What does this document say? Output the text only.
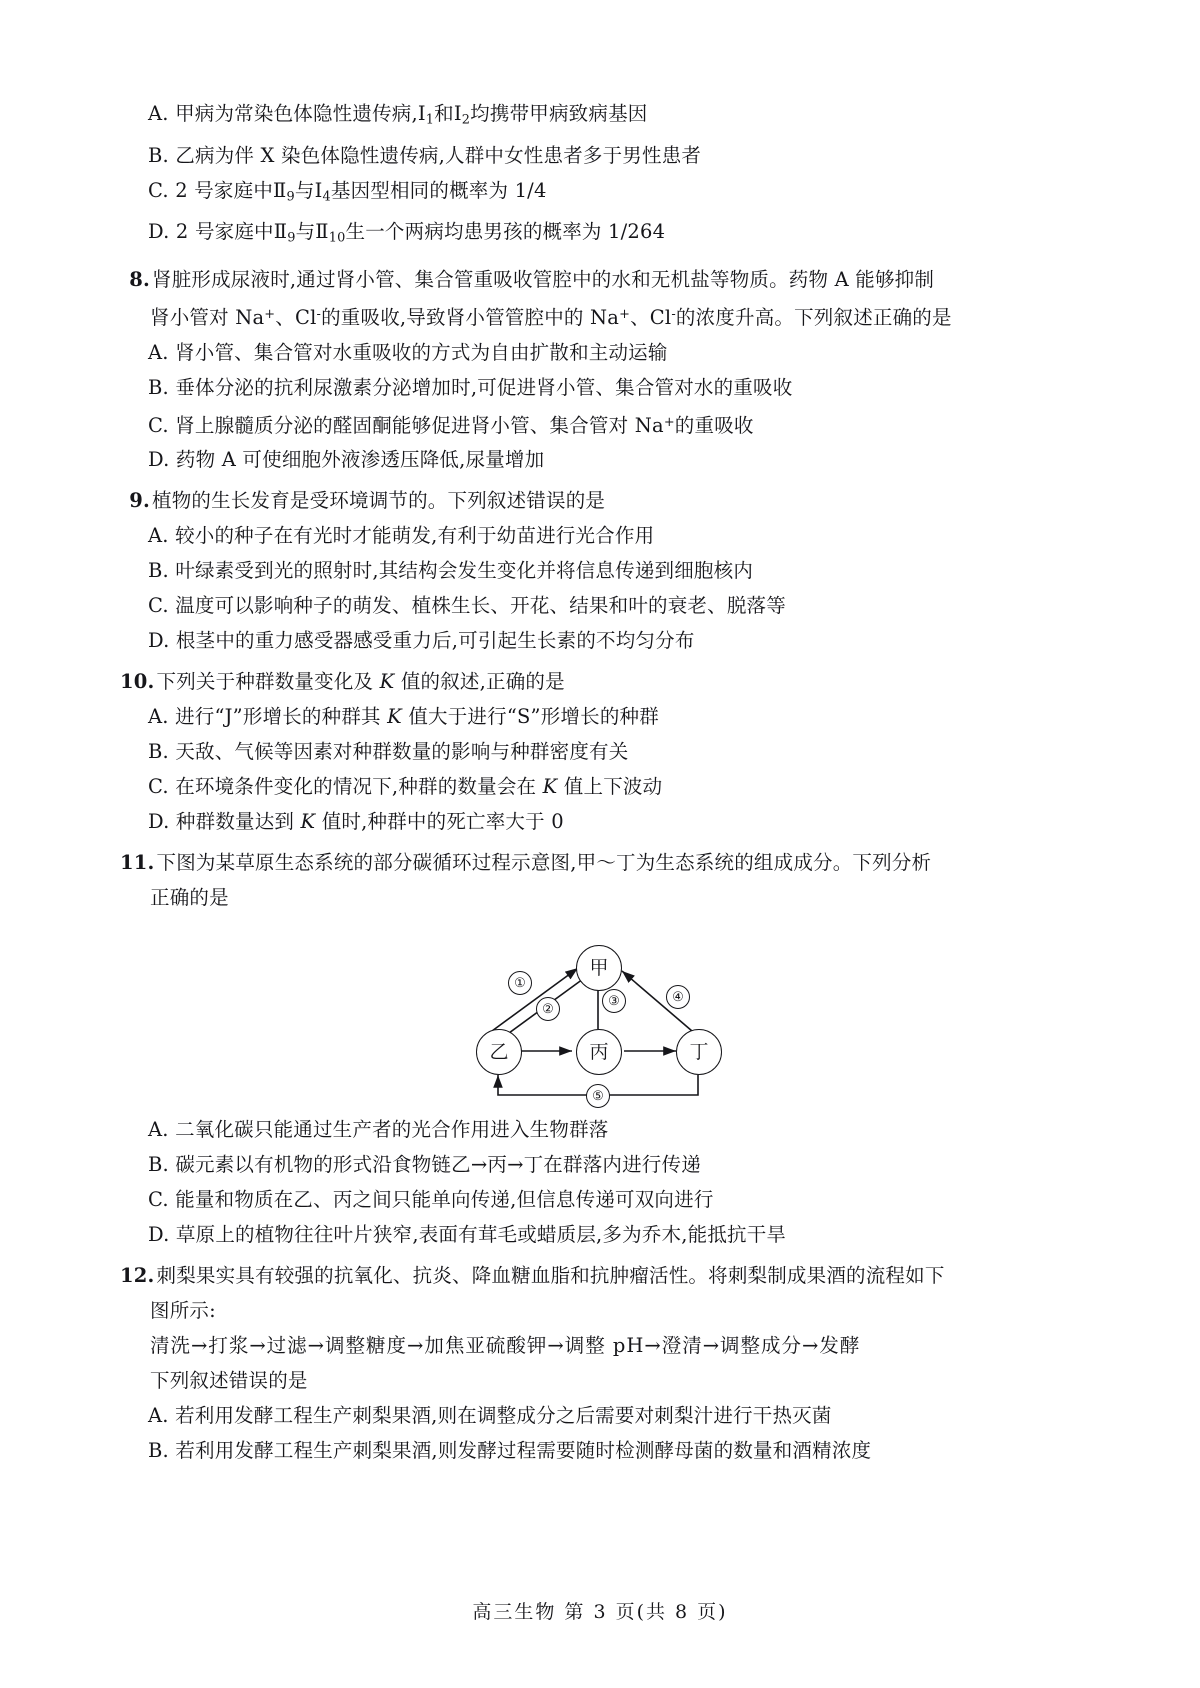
A. 甲病为常染色体隐性遗传病$,Ⅰ_1$和$Ⅰ_2$均携带甲病致病基因
B. 乙病为伴 X 染色体隐性遗传病,人群中女性患者多于男性患者
C. 2 号家庭中$Ⅱ_9$与$Ⅰ_4$基因型相同的概率为 1/4
D. 2 号家庭中$Ⅱ_9$与$Ⅱ_{10}$生一个两病均患男孩的概率为 1/264
8. 肾脏形成尿液时,通过肾小管、集合管重吸收管腔中的水和无机盐等物质。药物 A 能够抑制
肾小管对 Na+、Cl-的重吸收,导致肾小管管腔中的 Na+、Cl-的浓度升高。下列叙述正确的是
A. 肾小管、集合管对水重吸收的方式为自由扩散和主动运输
B. 垂体分泌的抗利尿激素分泌增加时,可促进肾小管、集合管对水的重吸收
C. 肾上腺髓质分泌的醛固酮能够促进肾小管、集合管对 Na+的重吸收
D. 药物 A 可使细胞外液渗透压降低,尿量增加
9. 植物的生长发育是受环境调节的。下列叙述错误的是
A. 较小的种子在有光时才能萌发,有利于幼苗进行光合作用
B. 叶绿素受到光的照射时,其结构会发生变化并将信息传递到细胞核内
C. 温度可以影响种子的萌发、植株生长、开花、结果和叶的衰老、脱落等
D. 根茎中的重力感受器感受重力后,可引起生长素的不均匀分布
10. 下列关于种群数量变化及 K 值的叙述,正确的是
A. 进行“J”形增长的种群其 K 值大于进行“S”形增长的种群
B. 天敌、气候等因素对种群数量的影响与种群密度有关
C. 在环境条件变化的情况下,种群的数量会在 K 值上下波动
D. 种群数量达到 K 值时,种群中的死亡率大于 0
11. 下图为某草原生态系统的部分碳循环过程示意图,甲～丁为生态系统的组成成分。下列分析
正确的是
甲
乙	丙	丁
①
②
③	④
⑤
A. 二氧化碳只能通过生产者的光合作用进入生物群落
B. 碳元素以有机物的形式沿食物链乙→丙→丁在群落内进行传递
C. 能量和物质在乙、丙之间只能单向传递,但信息传递可双向进行
D. 草原上的植物往往叶片狭窄,表面有茸毛或蜡质层,多为乔木,能抵抗干旱
12. 刺梨果实具有较强的抗氧化、抗炎、降血糖血脂和抗肿瘤活性。将刺梨制成果酒的流程如下
图所示:
清洗→打浆→过滤→调整糖度→加焦亚硫酸钾→调整 pH→澄清→调整成分→发酵
下列叙述错误的是
A. 若利用发酵工程生产刺梨果酒,则在调整成分之后需要对刺梨汁进行干热灭菌
B. 若利用发酵工程生产刺梨果酒,则发酵过程需要随时检测酵母菌的数量和酒精浓度
高三生物 第 3 页(共 8 页)
